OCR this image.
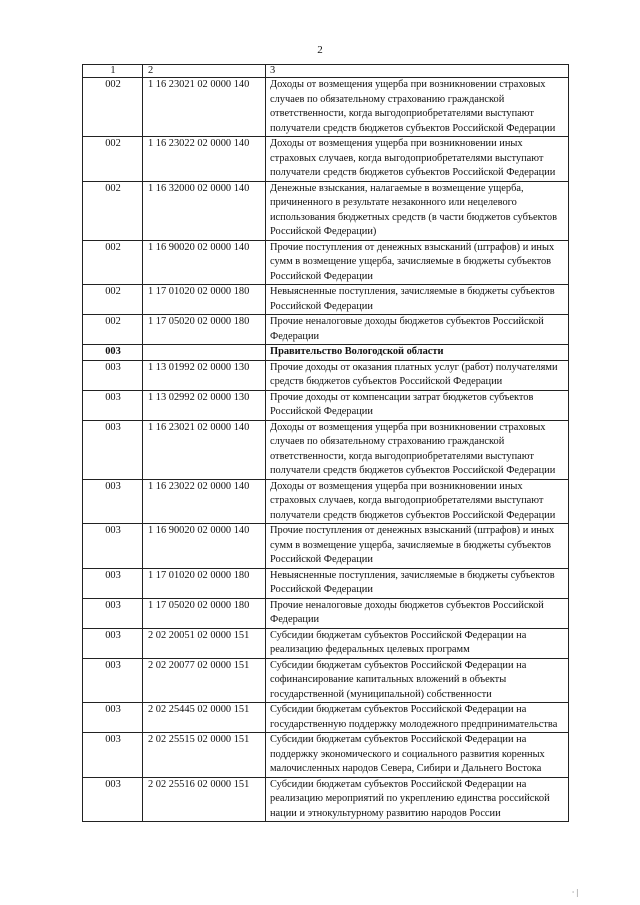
2
1	2	3
002	1 16 23021 02 0000 140	Доходы от возмещения ущерба при возникновении страховых случаев по обязательному страхованию гражданской ответственности, когда выгодоприобретателями выступают получатели средств бюджетов субъектов Российской Федерации
002	1 16 23022 02 0000 140	Доходы от возмещения ущерба при возникновении иных страховых случаев, когда выгодоприобретателями выступают получатели средств бюджетов субъектов Российской Федерации
002	1 16 32000 02 0000 140	Денежные взыскания, налагаемые в возмещение ущерба, причиненного в результате незаконного или нецелевого использования бюджетных средств (в части бюджетов субъектов Российской Федерации)
002	1 16 90020 02 0000 140	Прочие поступления от денежных взысканий (штрафов) и иных сумм в возмещение ущерба, зачисляемые в бюджеты субъектов Российской Федерации
002	1 17 01020 02 0000 180	Невыясненные поступления, зачисляемые в бюджеты субъектов Российской Федерации
002	1 17 05020 02 0000 180	Прочие неналоговые доходы бюджетов субъектов Российской Федерации
003		Правительство Вологодской области
003	1 13 01992 02 0000 130	Прочие доходы от оказания платных услуг (работ) получателями средств бюджетов субъектов Российской Федерации
003	1 13 02992 02 0000 130	Прочие доходы от компенсации затрат бюджетов субъектов Российской Федерации
003	1 16 23021 02 0000 140	Доходы от возмещения ущерба при возникновении страховых случаев по обязательному страхованию гражданской ответственности, когда выгодоприобретателями выступают получатели средств бюджетов субъектов Российской Федерации
003	1 16 23022 02 0000 140	Доходы от возмещения ущерба при возникновении иных страховых случаев, когда выгодоприобретателями выступают получатели средств бюджетов субъектов Российской Федерации
003	1 16 90020 02 0000 140	Прочие поступления от денежных взысканий (штрафов) и иных сумм в возмещение ущерба, зачисляемые в бюджеты субъектов Российской Федерации
003	1 17 01020 02 0000 180	Невыясненные поступления, зачисляемые в бюджеты субъектов Российской Федерации
003	1 17 05020 02 0000 180	Прочие неналоговые доходы бюджетов субъектов Российской Федерации
003	2 02 20051 02 0000 151	Субсидии бюджетам субъектов Российской Федерации на реализацию федеральных целевых программ
003	2 02 20077 02 0000 151	Субсидии бюджетам субъектов Российской Федерации на софинансирование капитальных вложений в объекты государственной (муниципальной) собственности
003	2 02 25445 02 0000 151	Субсидии бюджетам субъектов Российской Федерации на государственную поддержку молодежного предпринимательства
003	2 02 25515 02 0000 151	Субсидии бюджетам субъектов Российской Федерации на поддержку экономического и социального развития коренных малочисленных народов Севера, Сибири и Дальнего Востока
003	2 02 25516 02 0000 151	Субсидии бюджетам субъектов Российской Федерации на реализацию мероприятий по укреплению единства российской нации и этнокультурному развитию народов России
· |
